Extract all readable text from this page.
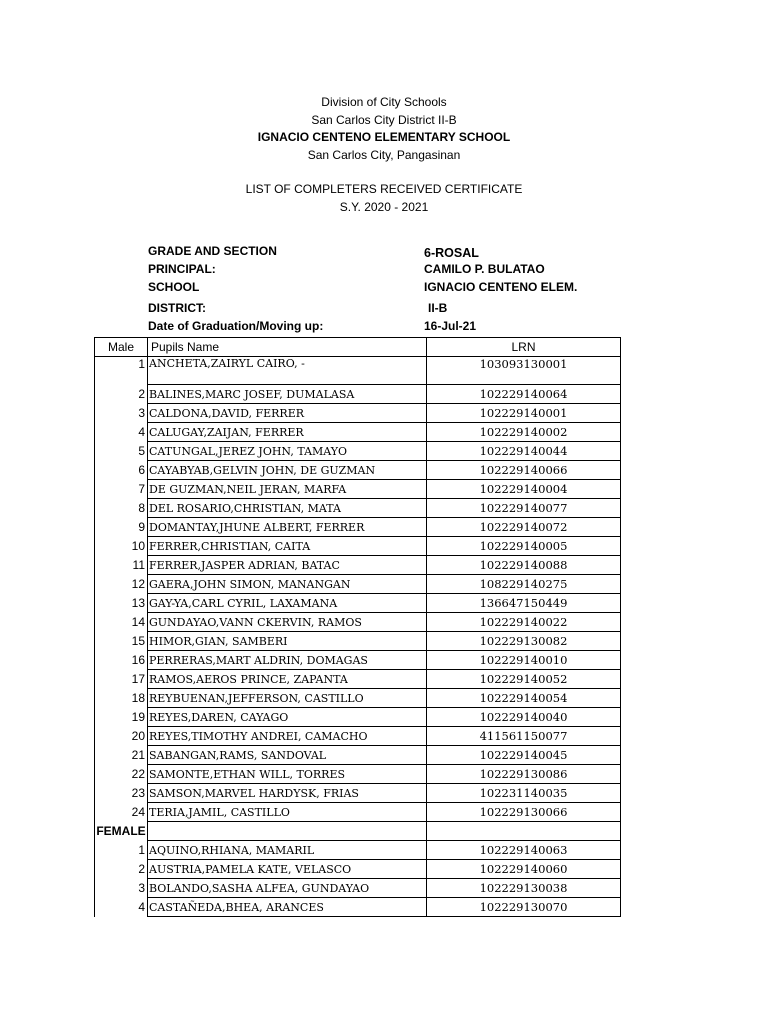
Division of City Schools
San Carlos City District II-B
IGNACIO CENTENO ELEMENTARY SCHOOL
San Carlos City, Pangasinan
LIST OF COMPLETERS RECEIVED CERTIFICATE
S.Y. 2020 - 2021
GRADE AND SECTION	6-ROSAL
PRINCIPAL:	CAMILO P. BULATAO
SCHOOL	IGNACIO CENTENO ELEM.
DISTRICT:	II-B
Date of Graduation/Moving up:	16-Jul-21
Male	Pupils Name	LRN
1	ANCHETA,ZAIRYL CAIRO, -	103093130001
2	BALINES,MARC JOSEF, DUMALASA	102229140064
3	CALDONA,DAVID, FERRER	102229140001
4	CALUGAY,ZAIJAN, FERRER	102229140002
5	CATUNGAL,JEREZ JOHN, TAMAYO	102229140044
6	CAYABYAB,GELVIN JOHN, DE GUZMAN	102229140066
7	DE GUZMAN,NEIL JERAN, MARFA	102229140004
8	DEL ROSARIO,CHRISTIAN, MATA	102229140077
9	DOMANTAY,JHUNE ALBERT, FERRER	102229140072
10	FERRER,CHRISTIAN, CAITA	102229140005
11	FERRER,JASPER ADRIAN, BATAC	102229140088
12	GAERA,JOHN SIMON, MANANGAN	108229140275
13	GAY-YA,CARL CYRIL, LAXAMANA	136647150449
14	GUNDAYAO,VANN CKERVIN, RAMOS	102229140022
15	HIMOR,GIAN, SAMBERI	102229130082
16	PERRERAS,MART ALDRIN, DOMAGAS	102229140010
17	RAMOS,AEROS PRINCE, ZAPANTA	102229140052
18	REYBUENAN,JEFFERSON, CASTILLO	102229140054
19	REYES,DAREN, CAYAGO	102229140040
20	REYES,TIMOTHY ANDREI, CAMACHO	411561150077
21	SABANGAN,RAMS, SANDOVAL	102229140045
22	SAMONTE,ETHAN WILL, TORRES	102229130086
23	SAMSON,MARVEL HARDYSK, FRIAS	102231140035
24	TERIA,JAMIL, CASTILLO	102229130066
FEMALE		
1	AQUINO,RHIANA, MAMARIL	102229140063
2	AUSTRIA,PAMELA KATE, VELASCO	102229140060
3	BOLANDO,SASHA ALFEA, GUNDAYAO	102229130038
4	CASTAÑEDA,BHEA, ARANCES	102229130070
